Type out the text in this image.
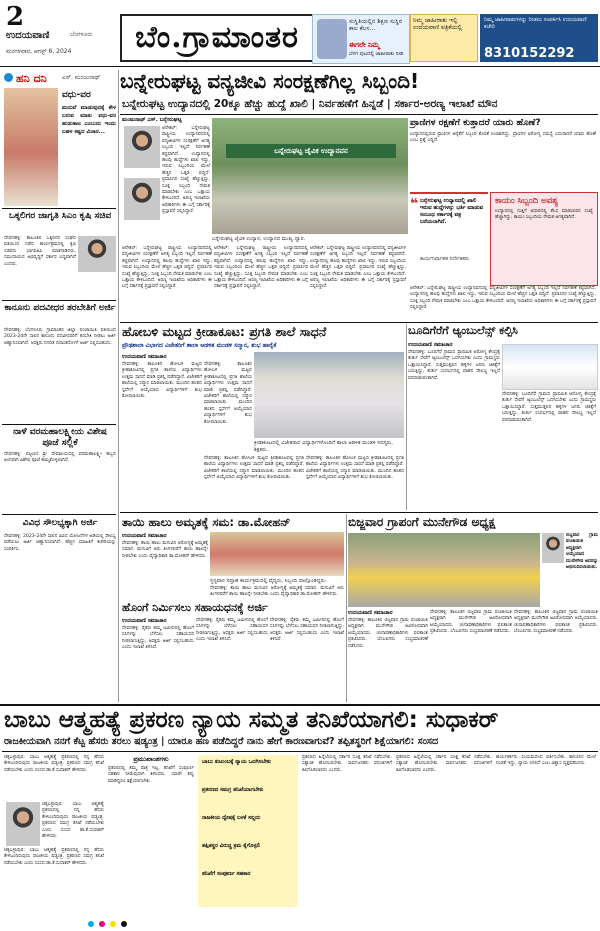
2
ಉದಯವಾಣಿ	ಬೆಂಗಳೂರು
ಮಂಗಳವಾರ, ಆಗಸ್ಟ್ 6, 2024	ಬೆಂ.ಗ್ರಾಮಾಂತರ	ಸುಸ್ಥಿತಿಯಲ್ಲಿನ ಶಿಕ್ಷಣ ಸುಸ್ಥಿರ ಕಾಲ ಕೆಲಸ...
ಈಗಲೇ ನಿಮ್ಮ
ಬೆಳಗ ಪುಟದಲ್ಲಿ ಜಾಹೀರಾತು ನೀಡಿ
ನಿಮ್ಮ ಜಾಹೀರಾತು ಇಲ್ಲಿ ಉದಯವಾಣಿ ಪತ್ರಿಕೆಯಲ್ಲಿ
ನಿಮ್ಮ ಜಾಹೀರಾತುಗಳನ್ನು ನೀಡಲು ಸಂಪರ್ಕಿಸಿ ಉದಯವಾಣಿ ಕಚೇರಿ
8310152292
ಹನಿ ದನಿ	ಎಸ್. ಮಂಜುನಾಥ್
ವಧು-ವರ
ಮದುವೆ ಮಾಡುವುದಕ್ಕೆ ಕೇಳ ಬರುವ ಮಾತು ವಧು-ವರ ಹುಡುಕಾಟ ಎಂಬುದು ಇಂದು ಬಹಳ ಕಷ್ಟದ ವಿಚಾರ...
ಒಕ್ಕಲಿಗರ ಜಾಗೃತಿ ಸಿಎಂ ಕೃಷಿ ಸಚಿವ
ದೇವನಹಳ್ಳಿ: ತಾಲೂಕಿನ ಒಕ್ಕಲಿಗರ ಸಂಘದ ವತಿಯಿಂದ ನಡೆದ ಕಾರ್ಯಕ್ರಮದಲ್ಲಿ ಕೃಷಿ ಸಚಿವರು ಭಾಗವಹಿಸಿ ಮಾತನಾಡಿದರು. ಸಮುದಾಯದ ಅಭಿವೃದ್ಧಿಗೆ ಸರ್ಕಾರ ಬದ್ಧವಾಗಿದೆ ಎಂದರು.
ಕಾನೂನು ಪದವೀಧರ ತರಬೇತಿಗೆ ಅರ್ಜಿ
ದೇವನಹಳ್ಳಿ: ಬೆಂಗಳೂರು ಗ್ರಾಮಾಂತರ ಜಿಲ್ಲಾ ಪಂಚಾಯಿತಿ ವತಿಯಿಂದ 2023-24ನೇ ಸಾಲಿನ ಕಾನೂನು ಪದವೀಧರರಿಗೆ ತರಬೇತಿ ನೀಡಲು ಅರ್ಜಿ ಆಹ್ವಾನಿಸಲಾಗಿದೆ. ಆಸಕ್ತರು ನಿಗದಿತ ದಿನಾಂಕದೊಳಗೆ ಅರ್ಜಿ ಸಲ್ಲಿಸಬಹುದು.
ನಾಳೆ ವರಮಹಾಲಕ್ಷ್ಮೀಯ ವಿಶೇಷ ಪೂಜೆ ಸಲ್ಲಿಕೆ
ದೇವನಹಳ್ಳಿ: ಪಟ್ಟಣದ ಶ್ರೀ ದೇವಾಲಯದಲ್ಲಿ ವರಮಹಾಲಕ್ಷ್ಮೀ ಹಬ್ಬದ ಅಂಗವಾಗಿ ವಿಶೇಷ ಪೂಜೆ ಹಮ್ಮಿಕೊಳ್ಳಲಾಗಿದೆ.
ವಿವಿಧ ಸೌಲಭ್ಯಕ್ಕಾಗಿ ಅರ್ಜಿ
ದೇವನಹಳ್ಳಿ: 2023-24ನೇ ಸಾಲಿನ ವಿವಿಧ ಯೋಜನೆಗಳ ಅಡಿಯಲ್ಲಿ ಸೌಲಭ್ಯ ಪಡೆಯಲು ಅರ್ಜಿ ಆಹ್ವಾನಿಸಲಾಗಿದೆ. ಹೆಚ್ಚಿನ ಮಾಹಿತಿಗೆ ಕಚೇರಿಯನ್ನು ಸಂಪರ್ಕಿಸಿ.
ಬನ್ನೇರುಘಟ್ಟ ವನ್ಯಜೀವಿ ಸಂರಕ್ಷಣೆಗಿಲ್ಲ ಸಿಬ್ಬಂದಿ!
ಬನ್ನೇರುಘಟ್ಟ ಉದ್ಯಾನದಲ್ಲಿ 20ಕ್ಕೂ ಹೆಚ್ಚು ಹುದ್ದೆ ಖಾಲಿ | ನಿರ್ವಹಣೆಗೆ ಹಿನ್ನಡೆ | ಸರ್ಕಾರ-ಅರಣ್ಯ ಇಲಾಖೆ ಮೌನ
ಮಂಜುನಾಥ್ ಎಸ್. ಬನ್ನೇರುಘಟ್ಟ
ಆನೇಕಲ್: ಬನ್ನೇರುಘಟ್ಟ ರಾಷ್ಟ್ರೀಯ ಉದ್ಯಾನವನದಲ್ಲಿ ವನ್ಯಜೀವಿಗಳ ಸಂರಕ್ಷಣೆಗೆ ಅಗತ್ಯ ಸಿಬ್ಬಂದಿ ಇಲ್ಲದೆ ನಿರ್ವಹಣೆ ಕಷ್ಟವಾಗಿದೆ. ಉದ್ಯಾನದಲ್ಲಿ ಹಲವು ಹುದ್ದೆಗಳು ಖಾಲಿ ಇದ್ದು, ಇರುವ ಸಿಬ್ಬಂದಿಯ ಮೇಲೆ ಹೆಚ್ಚಿನ ಒತ್ತಡ ಬಿದ್ದಿದೆ. ಪ್ರವಾಸಿಗರ ಸಂಖ್ಯೆ ಹೆಚ್ಚುತ್ತಿದ್ದು, ಸೂಕ್ತ ಸಿಬ್ಬಂದಿ ನೇಮಕ ಮಾಡಬೇಕು ಎಂಬ ಒತ್ತಾಯ ಕೇಳಿಬಂದಿದೆ. ಅರಣ್ಯ ಇಲಾಖೆಯ ಅಧಿಕಾರಿಗಳು ಈ ಬಗ್ಗೆ ಸರ್ಕಾರಕ್ಕೆ ಪ್ರಸ್ತಾವನೆ ಸಲ್ಲಿಸಿದ್ದಾರೆ.
ಬನ್ನೇರುಘಟ್ಟ ಜೈವಿಕ ಉದ್ಯಾನವನ
ಬನ್ನೇರುಘಟ್ಟ ಜೈವಿಕ ಉದ್ಯಾನ, ಉದ್ಯಾನದ ಮುಖ್ಯ ದ್ವಾರ.
ಆನೇಕಲ್: ಬನ್ನೇರುಘಟ್ಟ ರಾಷ್ಟ್ರೀಯ ಉದ್ಯಾನವನದಲ್ಲಿ ವನ್ಯಜೀವಿಗಳ ಸಂರಕ್ಷಣೆಗೆ ಅಗತ್ಯ ಸಿಬ್ಬಂದಿ ಇಲ್ಲದೆ ನಿರ್ವಹಣೆ ಕಷ್ಟವಾಗಿದೆ. ಉದ್ಯಾನದಲ್ಲಿ ಹಲವು ಹುದ್ದೆಗಳು ಖಾಲಿ ಇದ್ದು, ಇರುವ ಸಿಬ್ಬಂದಿಯ ಮೇಲೆ ಹೆಚ್ಚಿನ ಒತ್ತಡ ಬಿದ್ದಿದೆ. ಪ್ರವಾಸಿಗರ ಸಂಖ್ಯೆ ಹೆಚ್ಚುತ್ತಿದ್ದು, ಸೂಕ್ತ ಸಿಬ್ಬಂದಿ ನೇಮಕ ಮಾಡಬೇಕು ಎಂಬ ಒತ್ತಾಯ ಕೇಳಿಬಂದಿದೆ. ಅರಣ್ಯ ಇಲಾಖೆಯ ಅಧಿಕಾರಿಗಳು ಈ ಬಗ್ಗೆ ಸರ್ಕಾರಕ್ಕೆ ಪ್ರಸ್ತಾವನೆ ಸಲ್ಲಿಸಿದ್ದಾರೆ.
ಆನೇಕಲ್: ಬನ್ನೇರುಘಟ್ಟ ರಾಷ್ಟ್ರೀಯ ಉದ್ಯಾನವನದಲ್ಲಿ ವನ್ಯಜೀವಿಗಳ ಸಂರಕ್ಷಣೆಗೆ ಅಗತ್ಯ ಸಿಬ್ಬಂದಿ ಇಲ್ಲದೆ ನಿರ್ವಹಣೆ ಕಷ್ಟವಾಗಿದೆ. ಉದ್ಯಾನದಲ್ಲಿ ಹಲವು ಹುದ್ದೆಗಳು ಖಾಲಿ ಇದ್ದು, ಇರುವ ಸಿಬ್ಬಂದಿಯ ಮೇಲೆ ಹೆಚ್ಚಿನ ಒತ್ತಡ ಬಿದ್ದಿದೆ. ಪ್ರವಾಸಿಗರ ಸಂಖ್ಯೆ ಹೆಚ್ಚುತ್ತಿದ್ದು, ಸೂಕ್ತ ಸಿಬ್ಬಂದಿ ನೇಮಕ ಮಾಡಬೇಕು ಎಂಬ ಒತ್ತಾಯ ಕೇಳಿಬಂದಿದೆ. ಅರಣ್ಯ ಇಲಾಖೆಯ ಅಧಿಕಾರಿಗಳು ಈ ಬಗ್ಗೆ ಸರ್ಕಾರಕ್ಕೆ ಪ್ರಸ್ತಾವನೆ ಸಲ್ಲಿಸಿದ್ದಾರೆ.
ಆನೇಕಲ್: ಬನ್ನೇರುಘಟ್ಟ ರಾಷ್ಟ್ರೀಯ ಉದ್ಯಾನವನದಲ್ಲಿ ವನ್ಯಜೀವಿಗಳ ಸಂರಕ್ಷಣೆಗೆ ಅಗತ್ಯ ಸಿಬ್ಬಂದಿ ಇಲ್ಲದೆ ನಿರ್ವಹಣೆ ಕಷ್ಟವಾಗಿದೆ. ಉದ್ಯಾನದಲ್ಲಿ ಹಲವು ಹುದ್ದೆಗಳು ಖಾಲಿ ಇದ್ದು, ಇರುವ ಸಿಬ್ಬಂದಿಯ ಮೇಲೆ ಹೆಚ್ಚಿನ ಒತ್ತಡ ಬಿದ್ದಿದೆ. ಪ್ರವಾಸಿಗರ ಸಂಖ್ಯೆ ಹೆಚ್ಚುತ್ತಿದ್ದು, ಸೂಕ್ತ ಸಿಬ್ಬಂದಿ ನೇಮಕ ಮಾಡಬೇಕು ಎಂಬ ಒತ್ತಾಯ ಕೇಳಿಬಂದಿದೆ. ಅರಣ್ಯ ಇಲಾಖೆಯ ಅಧಿಕಾರಿಗಳು ಈ ಬಗ್ಗೆ ಸರ್ಕಾರಕ್ಕೆ ಪ್ರಸ್ತಾವನೆ ಸಲ್ಲಿಸಿದ್ದಾರೆ.
ಪ್ರಾಣಿಗಳ ರಕ್ಷಣೆಗೆ ಕುತ್ತಾದರೆ ಯಾರು ಹೊಣೆ?
ಉದ್ಯಾನದಲ್ಲಿರುವ ಪ್ರಾಣಿಗಳ ಆರೈಕೆಗೆ ಸಿಬ್ಬಂದಿ ಕೊರತೆ ಉಂಟಾಗಿದ್ದು, ಪ್ರಾಣಿಗಳ ಆರೋಗ್ಯ ಸಮಸ್ಯೆ ಎದುರಾದರೆ ಯಾರು ಹೊಣೆ ಎಂಬ ಪ್ರಶ್ನೆ ಎದ್ದಿದೆ.
❝ ಬನ್ನೇರುಘಟ್ಟ ಉದ್ಯಾನದಲ್ಲಿ ಖಾಲಿ ಇರುವ ಹುದ್ದೆಗಳನ್ನು ಭರ್ತಿ ಮಾಡುವ ಸಂಬಂಧ ಸರ್ಕಾರಕ್ಕೆ ಪತ್ರ ಬರೆಯಲಾಗಿದೆ.
ಕಾರ್ಯನಿರ್ವಾಹಕ ನಿರ್ದೇಶಕರು
ಕಾಯಂ ಸಿಬ್ಬಂದಿ ಅವಶ್ಯ
ಉದ್ಯಾನದಲ್ಲಿ ಗುತ್ತಿಗೆ ಆಧಾರದಲ್ಲಿ ಕೆಲಸ ಮಾಡುವವರ ಸಂಖ್ಯೆ ಹೆಚ್ಚಾಗಿದ್ದು, ಕಾಯಂ ಸಿಬ್ಬಂದಿಯ ನೇಮಕ ಅಗತ್ಯವಾಗಿದೆ.
ಆನೇಕಲ್: ಬನ್ನೇರುಘಟ್ಟ ರಾಷ್ಟ್ರೀಯ ಉದ್ಯಾನವನದಲ್ಲಿ ವನ್ಯಜೀವಿಗಳ ಸಂರಕ್ಷಣೆಗೆ ಅಗತ್ಯ ಸಿಬ್ಬಂದಿ ಇಲ್ಲದೆ ನಿರ್ವಹಣೆ ಕಷ್ಟವಾಗಿದೆ. ಉದ್ಯಾನದಲ್ಲಿ ಹಲವು ಹುದ್ದೆಗಳು ಖಾಲಿ ಇದ್ದು, ಇರುವ ಸಿಬ್ಬಂದಿಯ ಮೇಲೆ ಹೆಚ್ಚಿನ ಒತ್ತಡ ಬಿದ್ದಿದೆ. ಪ್ರವಾಸಿಗರ ಸಂಖ್ಯೆ ಹೆಚ್ಚುತ್ತಿದ್ದು, ಸೂಕ್ತ ಸಿಬ್ಬಂದಿ ನೇಮಕ ಮಾಡಬೇಕು ಎಂಬ ಒತ್ತಾಯ ಕೇಳಿಬಂದಿದೆ. ಅರಣ್ಯ ಇಲಾಖೆಯ ಅಧಿಕಾರಿಗಳು ಈ ಬಗ್ಗೆ ಸರ್ಕಾರಕ್ಕೆ ಪ್ರಸ್ತಾವನೆ ಸಲ್ಲಿಸಿದ್ದಾರೆ.
ಹೋಬಳಿ ಮಟ್ಟದ ಕ್ರೀಡಾಕೂಟ: ಪ್ರಗತಿ ಶಾಲೆ ಸಾಧನೆ
ಪ್ರೌಢಶಾಲಾ ವಿಭಾಗದ ವಿಜೇತರಿಗೆ ಶಾಲಾ ಆಡಳಿತ ಮಂಡಳಿ ಸನ್ಮಾನ, ಶುಭ ಹಾರೈಕೆ
ಉದಯವಾಣಿ ಸಮಾಚಾರ
ದೇವನಹಳ್ಳಿ: ತಾಲೂಕಿನ ಹೋಬಳಿ ಮಟ್ಟದ ಕ್ರೀಡಾಕೂಟದಲ್ಲಿ ಪ್ರಗತಿ ಶಾಲೆಯ ವಿದ್ಯಾರ್ಥಿಗಳು ಉತ್ತಮ ಸಾಧನೆ ಮಾಡಿ ಪ್ರಶಸ್ತಿ ಪಡೆದಿದ್ದಾರೆ. ವಿಜೇತರಿಗೆ ಶಾಲೆಯಲ್ಲಿ ಸನ್ಮಾನ ಮಾಡಲಾಯಿತು. ಮುಂದಿನ ಹಂತದ ಸ್ಪರ್ಧೆಗೆ ಆಯ್ಕೆಯಾದ ವಿದ್ಯಾರ್ಥಿಗಳಿಗೆ ಶುಭ ಕೋರಲಾಯಿತು.
ದೇವನಹಳ್ಳಿ: ತಾಲೂಕಿನ ಹೋಬಳಿ ಮಟ್ಟದ ಕ್ರೀಡಾಕೂಟದಲ್ಲಿ ಪ್ರಗತಿ ಶಾಲೆಯ ವಿದ್ಯಾರ್ಥಿಗಳು ಉತ್ತಮ ಸಾಧನೆ ಮಾಡಿ ಪ್ರಶಸ್ತಿ ಪಡೆದಿದ್ದಾರೆ. ವಿಜೇತರಿಗೆ ಶಾಲೆಯಲ್ಲಿ ಸನ್ಮಾನ ಮಾಡಲಾಯಿತು. ಮುಂದಿನ ಹಂತದ ಸ್ಪರ್ಧೆಗೆ ಆಯ್ಕೆಯಾದ ವಿದ್ಯಾರ್ಥಿಗಳಿಗೆ ಶುಭ ಕೋರಲಾಯಿತು.
ಕ್ರೀಡಾಕೂಟದಲ್ಲಿ ವಿಜೇತರಾದ ವಿದ್ಯಾರ್ಥಿಗಳೊಂದಿಗೆ ಶಾಲಾ ಆಡಳಿತ ಮಂಡಳಿ ಸದಸ್ಯರು, ಶಿಕ್ಷಕರು.
ದೇವನಹಳ್ಳಿ: ತಾಲೂಕಿನ ಹೋಬಳಿ ಮಟ್ಟದ ಕ್ರೀಡಾಕೂಟದಲ್ಲಿ ಪ್ರಗತಿ ಶಾಲೆಯ ವಿದ್ಯಾರ್ಥಿಗಳು ಉತ್ತಮ ಸಾಧನೆ ಮಾಡಿ ಪ್ರಶಸ್ತಿ ಪಡೆದಿದ್ದಾರೆ. ವಿಜೇತರಿಗೆ ಶಾಲೆಯಲ್ಲಿ ಸನ್ಮಾನ ಮಾಡಲಾಯಿತು. ಮುಂದಿನ ಹಂತದ ಸ್ಪರ್ಧೆಗೆ ಆಯ್ಕೆಯಾದ ವಿದ್ಯಾರ್ಥಿಗಳಿಗೆ ಶುಭ ಕೋರಲಾಯಿತು.
ದೇವನಹಳ್ಳಿ: ತಾಲೂಕಿನ ಹೋಬಳಿ ಮಟ್ಟದ ಕ್ರೀಡಾಕೂಟದಲ್ಲಿ ಪ್ರಗತಿ ಶಾಲೆಯ ವಿದ್ಯಾರ್ಥಿಗಳು ಉತ್ತಮ ಸಾಧನೆ ಮಾಡಿ ಪ್ರಶಸ್ತಿ ಪಡೆದಿದ್ದಾರೆ. ವಿಜೇತರಿಗೆ ಶಾಲೆಯಲ್ಲಿ ಸನ್ಮಾನ ಮಾಡಲಾಯಿತು. ಮುಂದಿನ ಹಂತದ ಸ್ಪರ್ಧೆಗೆ ಆಯ್ಕೆಯಾದ ವಿದ್ಯಾರ್ಥಿಗಳಿಗೆ ಶುಭ ಕೋರಲಾಯಿತು.
ಬೂದಿಗೆರೆಗೆ ಆ್ಯಂಬುಲೆನ್ಸ್ ಕಲ್ಪಿಸಿ
ಉದಯವಾಣಿ ಸಮಾಚಾರ
ದೇವನಹಳ್ಳಿ: ಬೂದಿಗೆರೆ ಗ್ರಾಮದ ಪ್ರಾಥಮಿಕ ಆರೋಗ್ಯ ಕೇಂದ್ರಕ್ಕೆ ತುರ್ತು ಸೇವೆಗೆ ಆ್ಯಂಬುಲೆನ್ಸ್ ಒದಗಿಸಬೇಕು ಎಂದು ಗ್ರಾಮಸ್ಥರು ಒತ್ತಾಯಿಸಿದ್ದಾರೆ. ಸುತ್ತಮುತ್ತಲಿನ ಹಳ್ಳಿಗಳ ಜನರು ಚಿಕಿತ್ಸೆಗೆ ಬರುತ್ತಿದ್ದು, ತುರ್ತು ಸಂದರ್ಭದಲ್ಲಿ ವಾಹನ ಸೌಲಭ್ಯ ಇಲ್ಲದೆ ಪರದಾಡುವಂತಾಗಿದೆ.
ದೇವನಹಳ್ಳಿ: ಬೂದಿಗೆರೆ ಗ್ರಾಮದ ಪ್ರಾಥಮಿಕ ಆರೋಗ್ಯ ಕೇಂದ್ರಕ್ಕೆ ತುರ್ತು ಸೇವೆಗೆ ಆ್ಯಂಬುಲೆನ್ಸ್ ಒದಗಿಸಬೇಕು ಎಂದು ಗ್ರಾಮಸ್ಥರು ಒತ್ತಾಯಿಸಿದ್ದಾರೆ. ಸುತ್ತಮುತ್ತಲಿನ ಹಳ್ಳಿಗಳ ಜನರು ಚಿಕಿತ್ಸೆಗೆ ಬರುತ್ತಿದ್ದು, ತುರ್ತು ಸಂದರ್ಭದಲ್ಲಿ ವಾಹನ ಸೌಲಭ್ಯ ಇಲ್ಲದೆ ಪರದಾಡುವಂತಾಗಿದೆ.
ತಾಯಿ ಹಾಲು ಅಮೃತಕ್ಕೆ ಸಮ: ಡಾ.ಮೋಹನ್
ಉದಯವಾಣಿ ಸಮಾಚಾರ
ದೇವನಹಳ್ಳಿ: ತಾಯಿ ಹಾಲು ಮಗುವಿನ ಆರೋಗ್ಯಕ್ಕೆ ಅಮೃತಕ್ಕೆ ಸಮಾನ. ಮಗುವಿಗೆ ಆರು ತಿಂಗಳವರೆಗೆ ತಾಯಿ ಹಾಲನ್ನೇ ನೀಡಬೇಕು ಎಂದು ವೈದ್ಯಾಧಿಕಾರಿ ಡಾ.ಮೋಹನ್ ಹೇಳಿದರು.
ಸ್ತನ್ಯಪಾನ ಸಪ್ತಾಹ ಕಾರ್ಯಕ್ರಮದಲ್ಲಿ ವೈದ್ಯರು, ಸಿಬ್ಬಂದಿ ಪಾಲ್ಗೊಂಡಿದ್ದರು.
ದೇವನಹಳ್ಳಿ: ತಾಯಿ ಹಾಲು ಮಗುವಿನ ಆರೋಗ್ಯಕ್ಕೆ ಅಮೃತಕ್ಕೆ ಸಮಾನ. ಮಗುವಿಗೆ ಆರು ತಿಂಗಳವರೆಗೆ ತಾಯಿ ಹಾಲನ್ನೇ ನೀಡಬೇಕು ಎಂದು ವೈದ್ಯಾಧಿಕಾರಿ ಡಾ.ಮೋಹನ್ ಹೇಳಿದರು.
ಹೊಂಗೆ ನಿರ್ಮಿಸಲು ಸಹಾಯಧನಕ್ಕೆ ಅರ್ಜಿ
ಉದಯವಾಣಿ ಸಮಾಚಾರ
ದೇವನಹಳ್ಳಿ: ರೈತರು ತಮ್ಮ ಜಮೀನಿನಲ್ಲಿ ಹೊಂಗೆ ಸಸಿಗಳನ್ನು ಬೆಳೆಸಲು ಸಹಾಯಧನ ನೀಡಲಾಗುತ್ತಿದ್ದು, ಆಸಕ್ತರು ಅರ್ಜಿ ಸಲ್ಲಿಸಬಹುದು ಎಂದು ಇಲಾಖೆ ತಿಳಿಸಿದೆ.
ದೇವನಹಳ್ಳಿ: ರೈತರು ತಮ್ಮ ಜಮೀನಿನಲ್ಲಿ ಹೊಂಗೆ ಸಸಿಗಳನ್ನು ಬೆಳೆಸಲು ಸಹಾಯಧನ ನೀಡಲಾಗುತ್ತಿದ್ದು, ಆಸಕ್ತರು ಅರ್ಜಿ ಸಲ್ಲಿಸಬಹುದು ಎಂದು ಇಲಾಖೆ ತಿಳಿಸಿದೆ.
ದೇವನಹಳ್ಳಿ: ರೈತರು ತಮ್ಮ ಜಮೀನಿನಲ್ಲಿ ಹೊಂಗೆ ಸಸಿಗಳನ್ನು ಬೆಳೆಸಲು ಸಹಾಯಧನ ನೀಡಲಾಗುತ್ತಿದ್ದು, ಆಸಕ್ತರು ಅರ್ಜಿ ಸಲ್ಲಿಸಬಹುದು ಎಂದು ಇಲಾಖೆ ತಿಳಿಸಿದೆ.
ಬಿಜ್ಜವಾರ ಗ್ರಾಪಂಗೆ ಮುನೇಗೌಡ ಅಧ್ಯಕ್ಷ
ಬಿಜ್ಜವಾರ ಗ್ರಾಮ ಪಂಚಾಯಿತಿ ಅಧ್ಯಕ್ಷರಾಗಿ ಆಯ್ಕೆಯಾದ ಮುನೇಗೌಡ ಅವರನ್ನು ಅಭಿನಂದಿಸಲಾಯಿತು.
ಉದಯವಾಣಿ ಸಮಾಚಾರ
ದೇವನಹಳ್ಳಿ: ತಾಲೂಕಿನ ಬಿಜ್ಜವಾರ ಗ್ರಾಮ ಪಂಚಾಯಿತಿ ಅಧ್ಯಕ್ಷರಾಗಿ ಮುನೇಗೌಡ ಅವಿರೋಧವಾಗಿ ಆಯ್ಕೆಯಾದರು. ಚುನಾವಣಾಧಿಕಾರಿಗಳು ಫಲಿತಾಂಶ ಪ್ರಕಟಿಸಿದರು. ಬೆಂಬಲಿಗರು ಸಂಭ್ರಮಾಚರಣೆ ನಡೆಸಿದರು.
ದೇವನಹಳ್ಳಿ: ತಾಲೂಕಿನ ಬಿಜ್ಜವಾರ ಗ್ರಾಮ ಪಂಚಾಯಿತಿ ಅಧ್ಯಕ್ಷರಾಗಿ ಮುನೇಗೌಡ ಅವಿರೋಧವಾಗಿ ಆಯ್ಕೆಯಾದರು. ಚುನಾವಣಾಧಿಕಾರಿಗಳು ಫಲಿತಾಂಶ ಪ್ರಕಟಿಸಿದರು. ಬೆಂಬಲಿಗರು ಸಂಭ್ರಮಾಚರಣೆ ನಡೆಸಿದರು.
ದೇವನಹಳ್ಳಿ: ತಾಲೂಕಿನ ಬಿಜ್ಜವಾರ ಗ್ರಾಮ ಪಂಚಾಯಿತಿ ಅಧ್ಯಕ್ಷರಾಗಿ ಮುನೇಗೌಡ ಅವಿರೋಧವಾಗಿ ಆಯ್ಕೆಯಾದರು. ಚುನಾವಣಾಧಿಕಾರಿಗಳು ಫಲಿತಾಂಶ ಪ್ರಕಟಿಸಿದರು. ಬೆಂಬಲಿಗರು ಸಂಭ್ರಮಾಚರಣೆ ನಡೆಸಿದರು.
ಬಾಬು ಆತ್ಮಹತ್ಯೆ ಪ್ರಕರಣ ನ್ಯಾಯ ಸಮ್ಮತ ತನಿಖೆಯಾಗಲಿ: ಸುಧಾಕರ್
ರಾಜಕೀಯವಾಗಿ ನನಗೆ ಕೆಟ್ಟ ಹೆಸರು ತರಲು ಷಡ್ಯಂತ್ರ | ಯಾರೂ ಹಣ ಪಡೆದಿದ್ದರೆ ನಾನು ಹೇಗೆ ಕಾರಣವಾಗುವೆ? ತಪ್ಪಿತಸ್ಥರಿಗೆ ಶಿಕ್ಷೆಯಾಗಲಿ: ಸಂಸದ
ಚಿಕ್ಕಬಳ್ಳಾಪುರ: ಬಾಬು ಆತ್ಮಹತ್ಯೆ ಪ್ರಕರಣದಲ್ಲಿ ನನ್ನ ಹೆಸರು ಕೇಳಿಬಂದಿರುವುದು ರಾಜಕೀಯ ಷಡ್ಯಂತ್ರ. ಪ್ರಕರಣದ ಸಮಗ್ರ ತನಿಖೆ ನಡೆಯಬೇಕು ಎಂದು ಸಂಸದ ಡಾ.ಕೆ.ಸುಧಾಕರ್ ಹೇಳಿದರು.
ಚಿಕ್ಕಬಳ್ಳಾಪುರ: ಬಾಬು ಆತ್ಮಹತ್ಯೆ ಪ್ರಕರಣದಲ್ಲಿ ನನ್ನ ಹೆಸರು ಕೇಳಿಬಂದಿರುವುದು ರಾಜಕೀಯ ಷಡ್ಯಂತ್ರ. ಪ್ರಕರಣದ ಸಮಗ್ರ ತನಿಖೆ ನಡೆಯಬೇಕು ಎಂದು ಸಂಸದ ಡಾ.ಕೆ.ಸುಧಾಕರ್ ಹೇಳಿದರು.
ಚಿಕ್ಕಬಳ್ಳಾಪುರ: ಬಾಬು ಆತ್ಮಹತ್ಯೆ ಪ್ರಕರಣದಲ್ಲಿ ನನ್ನ ಹೆಸರು ಕೇಳಿಬಂದಿರುವುದು ರಾಜಕೀಯ ಷಡ್ಯಂತ್ರ. ಪ್ರಕರಣದ ಸಮಗ್ರ ತನಿಖೆ ನಡೆಯಬೇಕು ಎಂದು ಸಂಸದ ಡಾ.ಕೆ.ಸುಧಾಕರ್ ಹೇಳಿದರು.
ಪ್ರಮುಖಾಂಶಗಳು
ಪ್ರಕರಣದಲ್ಲಿ ತಮ್ಮ ಪಾತ್ರ ಇಲ್ಲ. ತನಿಖೆಗೆ ಸಂಪೂರ್ಣ ಸಹಕಾರ ನೀಡುವುದಾಗಿ ತಿಳಿಸಿದರು. ಯಾರೇ ತಪ್ಪು ಮಾಡಿದ್ದರೂ ಶಿಕ್ಷೆಯಾಗಬೇಕು.
ಬಾಬು ಕುಟುಂಬಕ್ಕೆ ನ್ಯಾಯ ಒದಗಿಸಬೇಕು
ಪ್ರಕರಣದ ಸಮಗ್ರ ತನಿಖೆಯಾಗಬೇಕು
ರಾಜಕೀಯ ದ್ವೇಷಕ್ಕೆ ಬಳಕೆ ಸಲ್ಲದು
ತಪ್ಪಿತಸ್ಥರ ವಿರುದ್ಧ ಕ್ರಮ ಕೈಗೊಳ್ಳಲಿ
ತನಿಖೆಗೆ ಸಂಪೂರ್ಣ ಸಹಕಾರ
ಪ್ರಕರಣದ ಹಿನ್ನೆಲೆಯಲ್ಲಿ ಸರ್ಕಾರ ಸೂಕ್ತ ತನಿಖೆ ನಡೆಸಬೇಕು. ಸತ್ಯಾಂಶ ಹೊರಬರಬೇಕು. ಸಾರ್ವಜನಿಕರು ವದಂತಿಗಳಿಗೆ ಕಿವಿಗೊಡಬಾರದು ಎಂದರು.
ಪ್ರಕರಣದ ಹಿನ್ನೆಲೆಯಲ್ಲಿ ಸರ್ಕಾರ ಸೂಕ್ತ ತನಿಖೆ ನಡೆಸಬೇಕು. ಸತ್ಯಾಂಶ ಹೊರಬರಬೇಕು. ಸಾರ್ವಜನಿಕರು ವದಂತಿಗಳಿಗೆ ಕಿವಿಗೊಡಬಾರದು ಎಂದರು.
ಕಾರ್ಯಕರ್ತರು ಸಂಯಮದಿಂದ ವರ್ತಿಸಬೇಕು. ಕಾನೂನಿನ ಮೇಲೆ ನಂಬಿಕೆ ಇದ್ದು, ನ್ಯಾಯ ಸಿಗಲಿದೆ ಎಂಬ ವಿಶ್ವಾಸ ವ್ಯಕ್ತಪಡಿಸಿದರು.
